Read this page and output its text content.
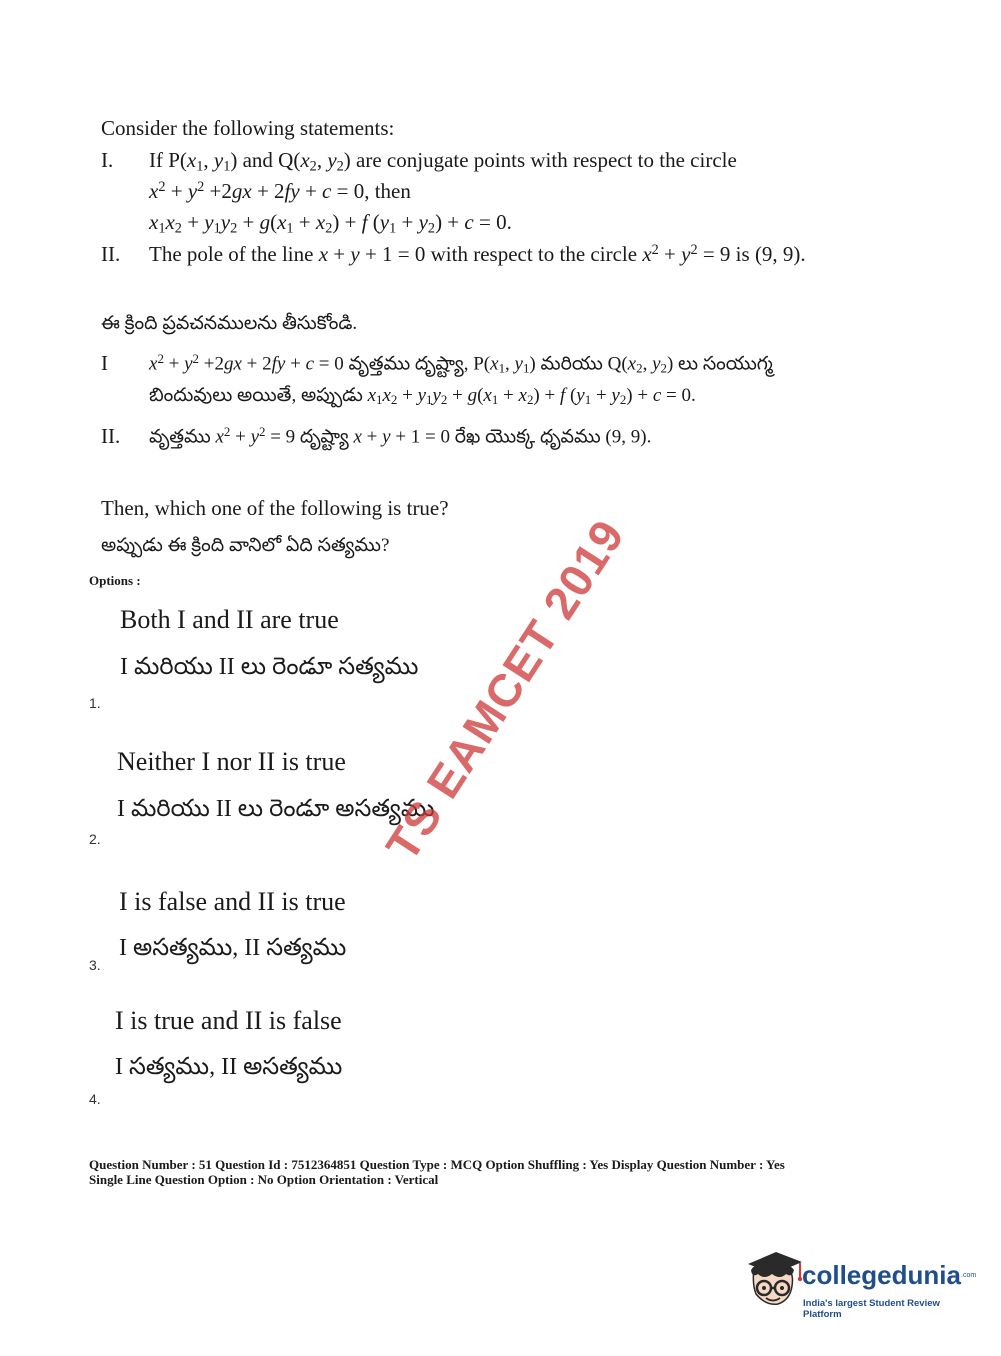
Consider the following statements:
I. If $P(x_1$, $y_1$) and $Q(x_2$, $y_2$) are conjugate points with respect to the circle
$x^2 + y^2 +2gx + 2fy + c = 0$, then
$x_1x_2 + y_1y_2 + g(x_1 + x_2) + f$ $(y_1 + y_2) + c = 0$.
II. The pole of the line x + y + 1 = 0 with respect to the circle $x^2 + y^2 = 9$ is (9, 9).
ఈ క్రింది ప్రవచనములను తీసుకోండి.
I $x^2 + y^2 +2gx + 2fy + c = 0$ వృత్తము దృష్ట్యా, $P(x_1$, $y_1$) మరియు $Q(x_2$, $y_2$) లు సంయుగ్మ
బిందువులు అయితే, అప్పుడు $x_1x_2 + y_1y_2 + g(x_1 + x_2) + f$ $(y_1 + y_2) + c = 0$.
II. వృత్తము $x^2 + y^2 = 9$ దృష్ట్యా x + y + 1 = 0 రేఖ యొక్క ధృవము (9, 9).
Then, which one of the following is true?
అప్పుడు ఈ క్రింది వానిలో ఏది సత్యము?
Options :
Both I and II are true
I మరియు II లు రెండూ సత్యము
1.
Neither I nor II is true
I మరియు II లు రెండూ అసత్యము
2.
I is false and II is true
I అసత్యము, II సత్యము
3.
I is true and II is false
I సత్యము, II అసత్యము
4.
Question Number : 51 Question Id : 7512364851 Question Type : MCQ Option Shuffling : Yes Display Question Number : Yes
Single Line Question Option : No Option Orientation : Vertical
TS EAMCET 2019
collegedunia .com
India's largest Student Review Platform
